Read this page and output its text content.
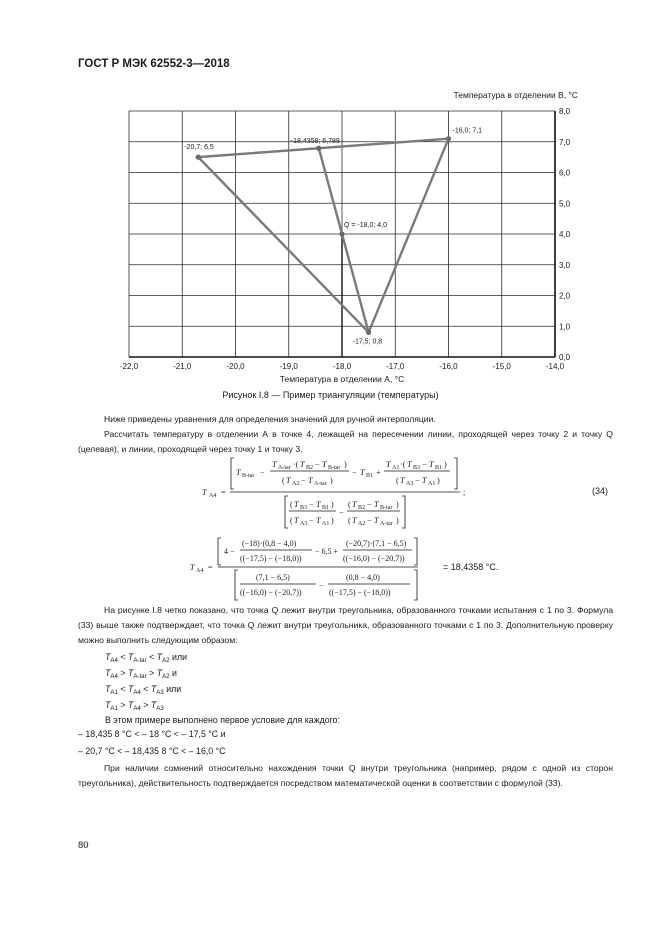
ГОСТ Р МЭК 62552-3—2018
-20,7; 6,5
-18,4358; 6,789
-16,0; 7,1
Q = -18,0; 4,0
-17,5; 0,8
-22,0	-21,0	-20,0	-19,0	-18,0	-17,0	-16,0	-15,0	-14,0
0,0
1,0
2,0
3,0
4,0
5,0
6,0
7,0
8,0
Температура в отделении А, °С
Температура в отделении В, °С
Рисунок I.8 — Пример триангуляции (температуры)
Ниже приведены уравнения для определения значений для ручной интерполяции.
Рассчитать температуру в отделении А в точке 4, лежащей на пересечении линии, проходящей через точку 2 и точку Q (целевая), и линии, проходящей через точку 1 и точку 3.
T A4 =
T B-tar −
T A-tar ·( T B2 − T B-tar )
( T A2 − T A-tar )
− T B1 +
T A1 ·( T B3 − T B1 )
( T A3 − T A1 )
( T B3 − T B1 )
( T A3 − T A1 )
−
( T B2 − T B-tar )
( T A2 − T A-tar )
;	(34)
T A4 =
4 −
(−18)·(0,8 − 4,0)
((−17,5) − (−18,0))
− 6,5 +
(−20,7)·(7,1 − 6,5)
((−16,0) − (−20,7))
(7,1 − 6,5)
((−16,0) − (−20,7))
−
(0,8 − 4,0)
((−17,5) − (−18,0))
= 18,4358 °C.
На рисунке I.8 четко показано, что точка Q лежит внутри треугольника, образованного точками испытания с 1 по 3. Формула (33) выше также подтверждает, что точка Q лежит внутри треугольника, образованного точками с 1 по 3. Дополнительную проверку можно выполнить следующим образом:
$T_{A4} < T_{A-tar} < T_{A2}$ или
$T_{A4} > T_{A-tar} > T_{A2}$ и
$T_{A1} < T_{A4} < T_{A3}$ или
$T_{A1} > T_{A4} > T_{A3}$
В этом примере выполнено первое условие для каждого:
– 18,435 8 °C < – 18 °C < – 17,5 °C и
– 20,7 °C < – 18,435 8 °C < – 16,0 °C
При наличии сомнений относительно нахождения точки Q внутри треугольника (например, рядом с одной из сторон треугольника), действительность подтверждается посредством математической оценки в соответствии с формулой (33).
80
